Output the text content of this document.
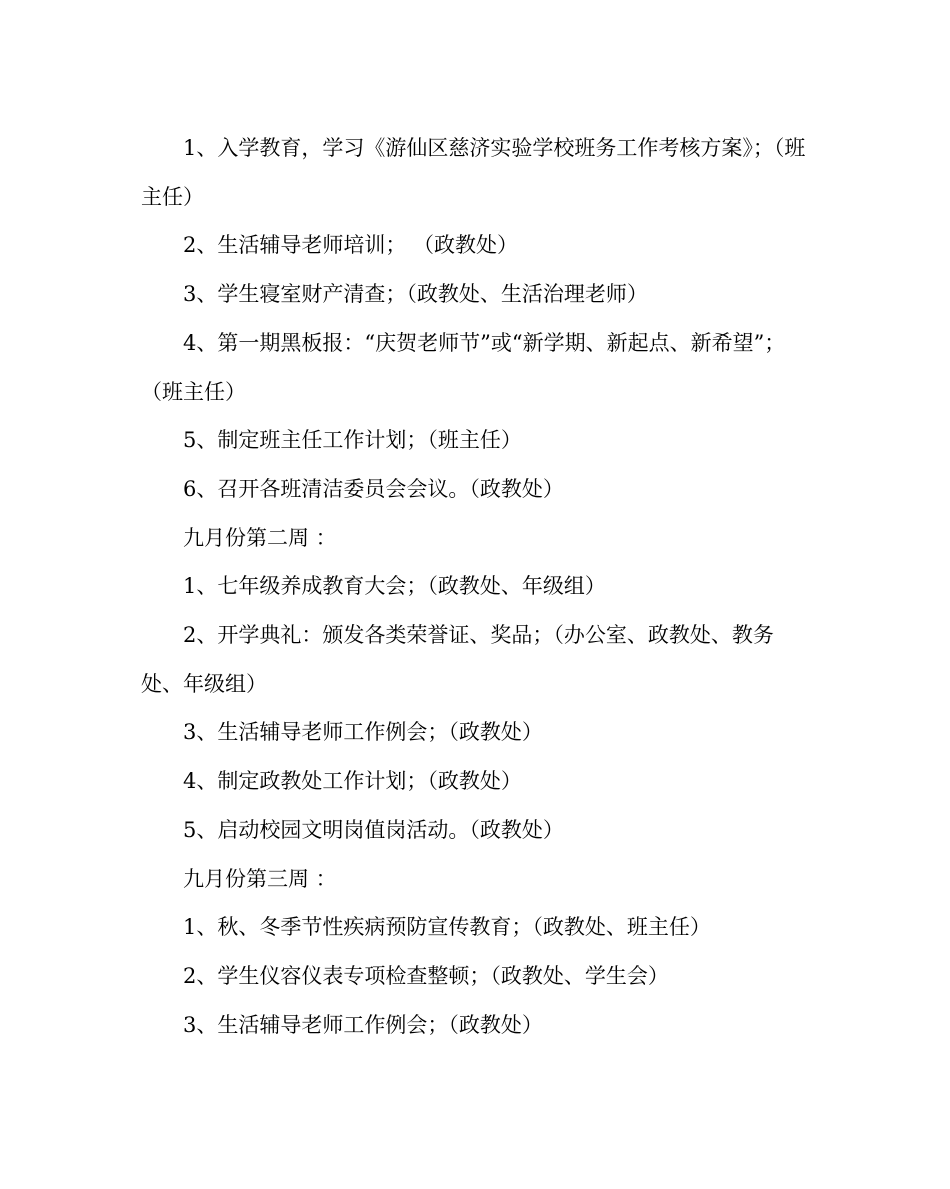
1、入学教育，学习《游仙区慈济实验学校班务工作考核方案》；（班主任）

2、生活辅导老师培训； （政教处）

3、学生寝室财产清查；（政教处、生活治理老师）

4、第一期黑板报：“庆贺老师节”或“新学期、新起点、新希望”；（班主任）

5、制定班主任工作计划；（班主任）

6、召开各班清洁委员会会议。（政教处）

九月份第二周 ：

1、七年级养成教育大会；（政教处、年级组）

2、开学典礼：颁发各类荣誉证、奖品；（办公室、政教处、教务处、年级组）

3、生活辅导老师工作例会；（政教处）

4、制定政教处工作计划；（政教处）

5、启动校园文明岗值岗活动。（政教处）

九月份第三周 ：

1、秋、冬季节性疾病预防宣传教育；（政教处、班主任）

2、学生仪容仪表专项检查整顿；（政教处、学生会）

3、生活辅导老师工作例会；（政教处）
